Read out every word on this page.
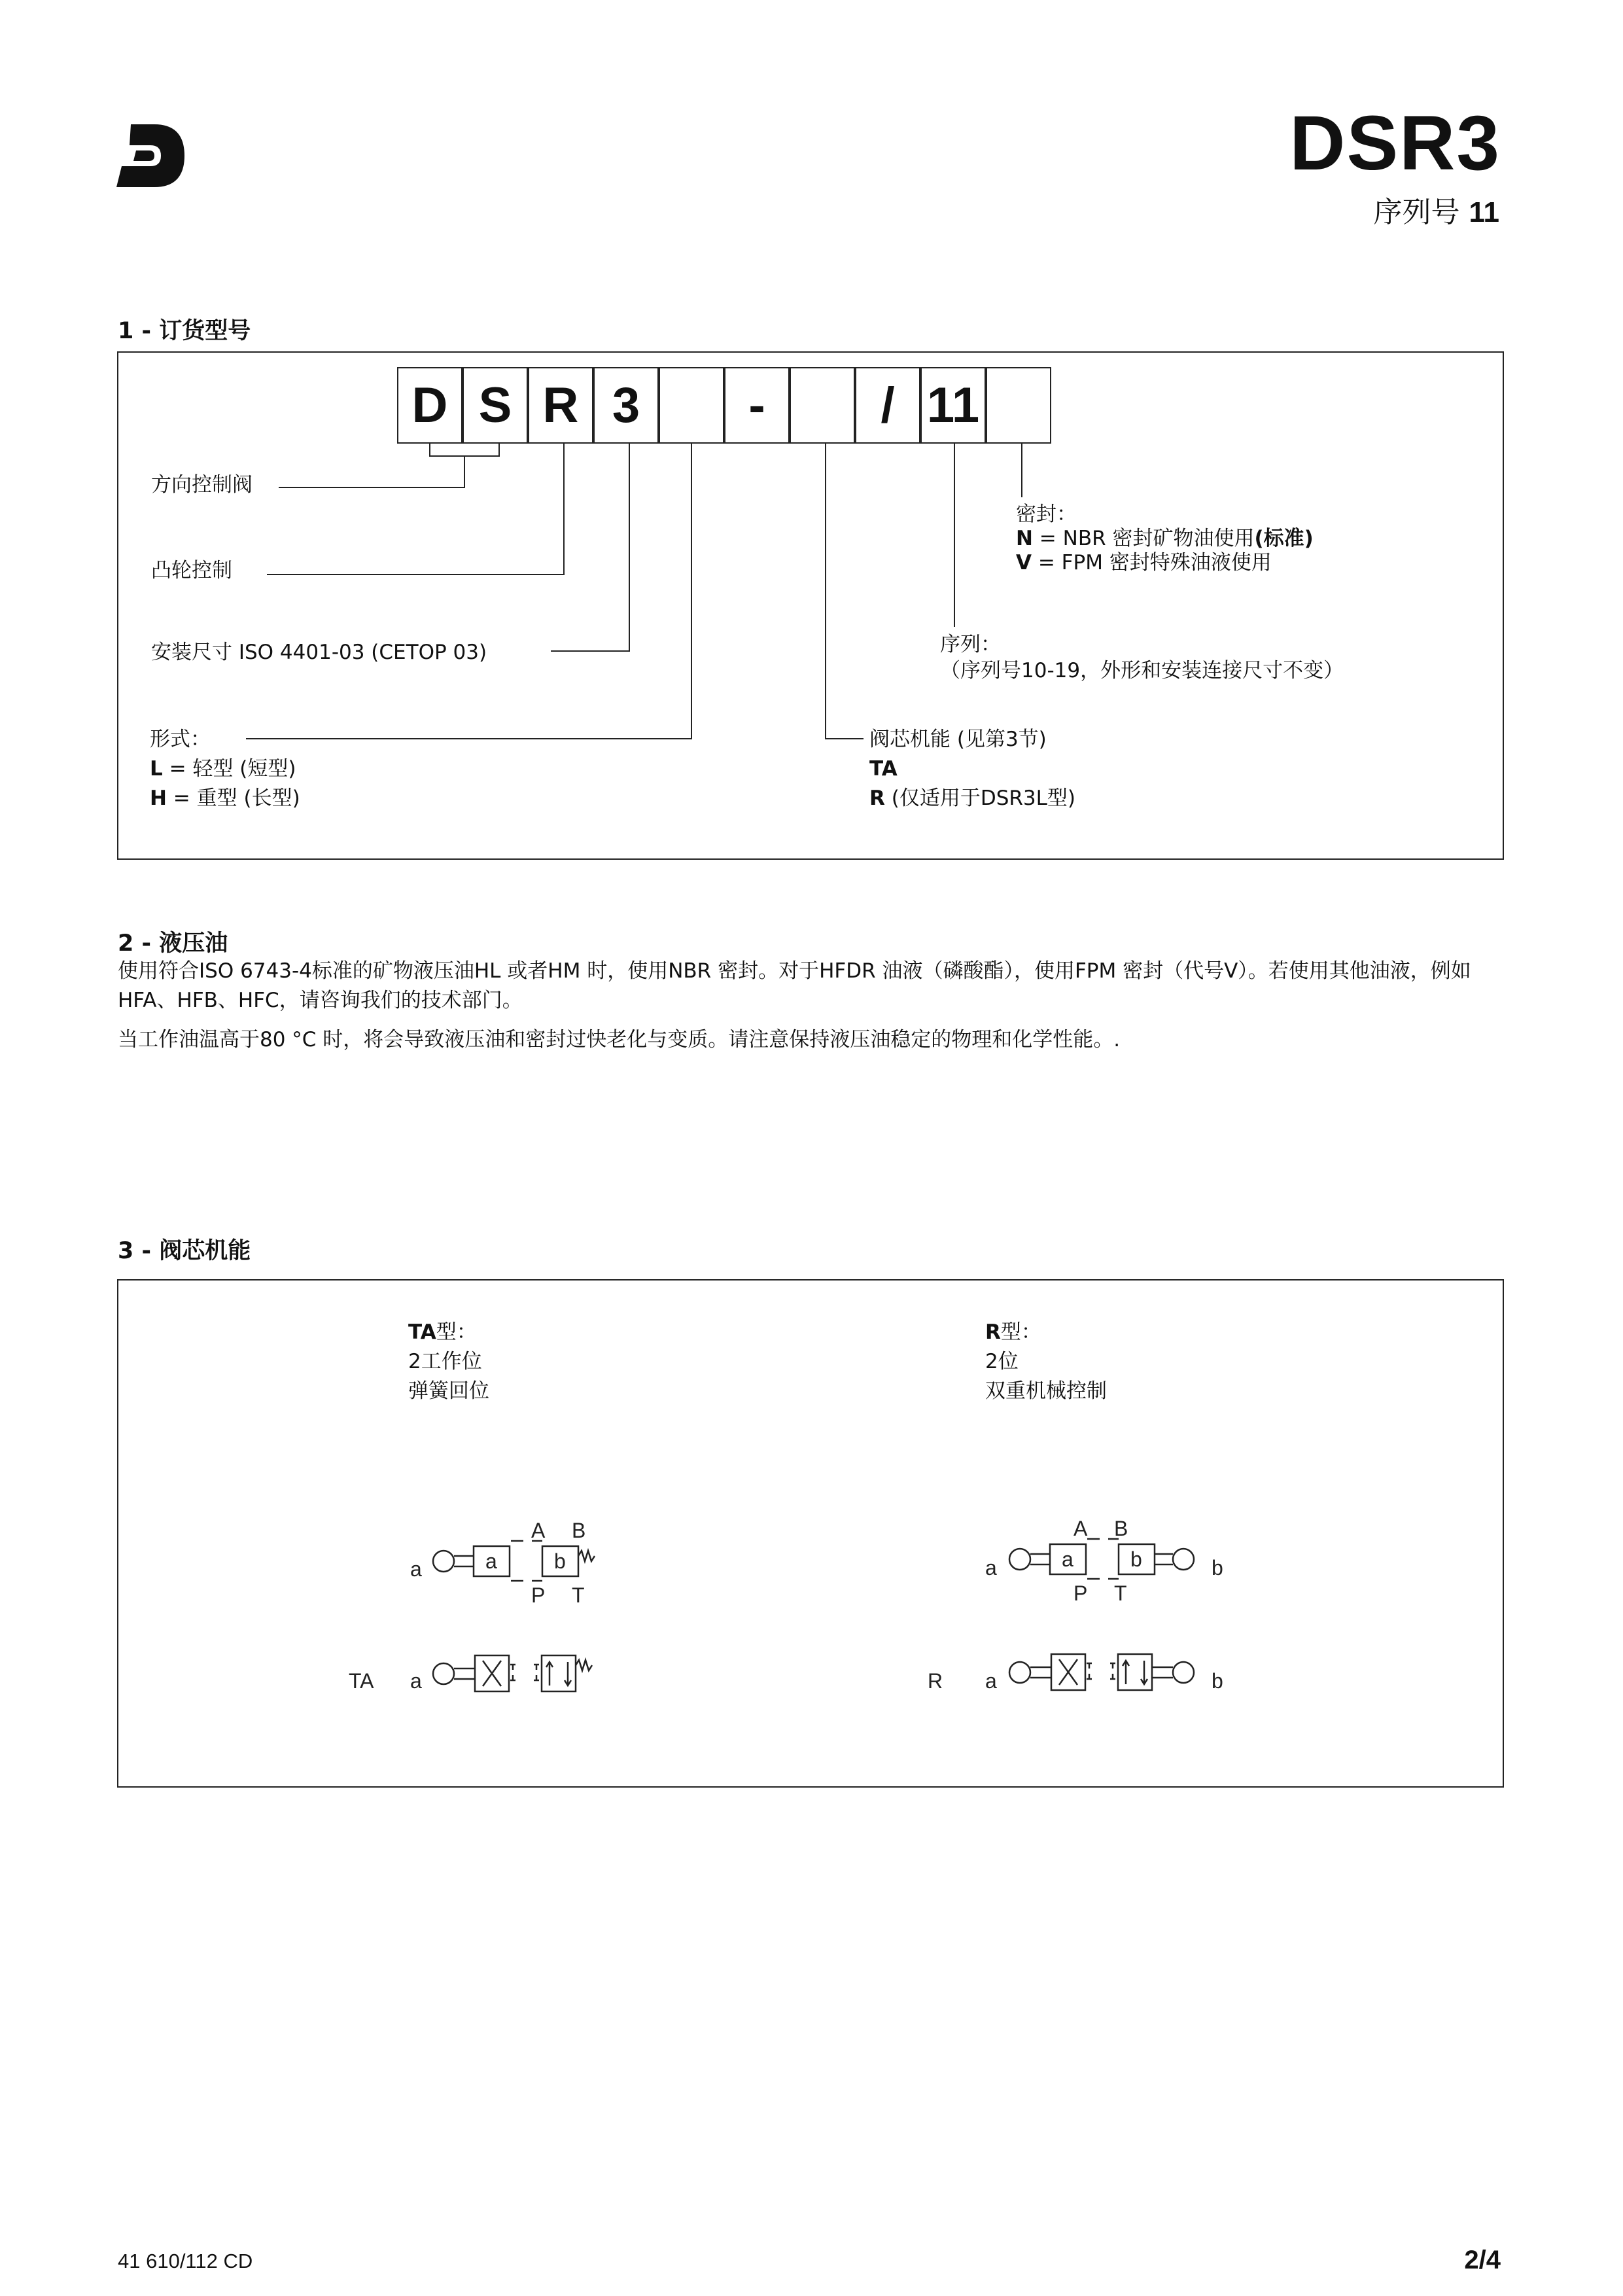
DSR3
序列号 11
1 - 订货型号
D S R 3	-	/ 11
方向控制阀
凸轮控制
安装尺寸 ISO 4401-03 (CETOP 03)
形式：
L = 轻型 (短型)
H = 重型 (长型)
密封：
N = NBR 密封矿物油使用(标准)
V = FPM 密封特殊油液使用
序列：
（序列号10-19，外形和安装连接尺寸不变）
阀芯机能 (见第3节)
TA
R (仅适用于DSR3L型)
2 - 液压油
使用符合ISO 6743-4标准的矿物液压油HL 或者HM 时，使用NBR 密封。对于HFDR 油液（磷酸酯），使用FPM 密封（代号V）。若使用其他油液，例如HFA、HFB、HFC，请咨询我们的技术部门。
当工作油温高于80 °C 时，将会导致液压油和密封过快老化与变质。请注意保持液压油稳定的物理和化学性能。.
3 - 阀芯机能
TA型：
2工作位
弹簧回位
R型：
2位
双重机械控制
a	a	b
A B
P T
TA a
a	a	b	b
A B
P T
R a	b
41 610/112 CD	2/4
